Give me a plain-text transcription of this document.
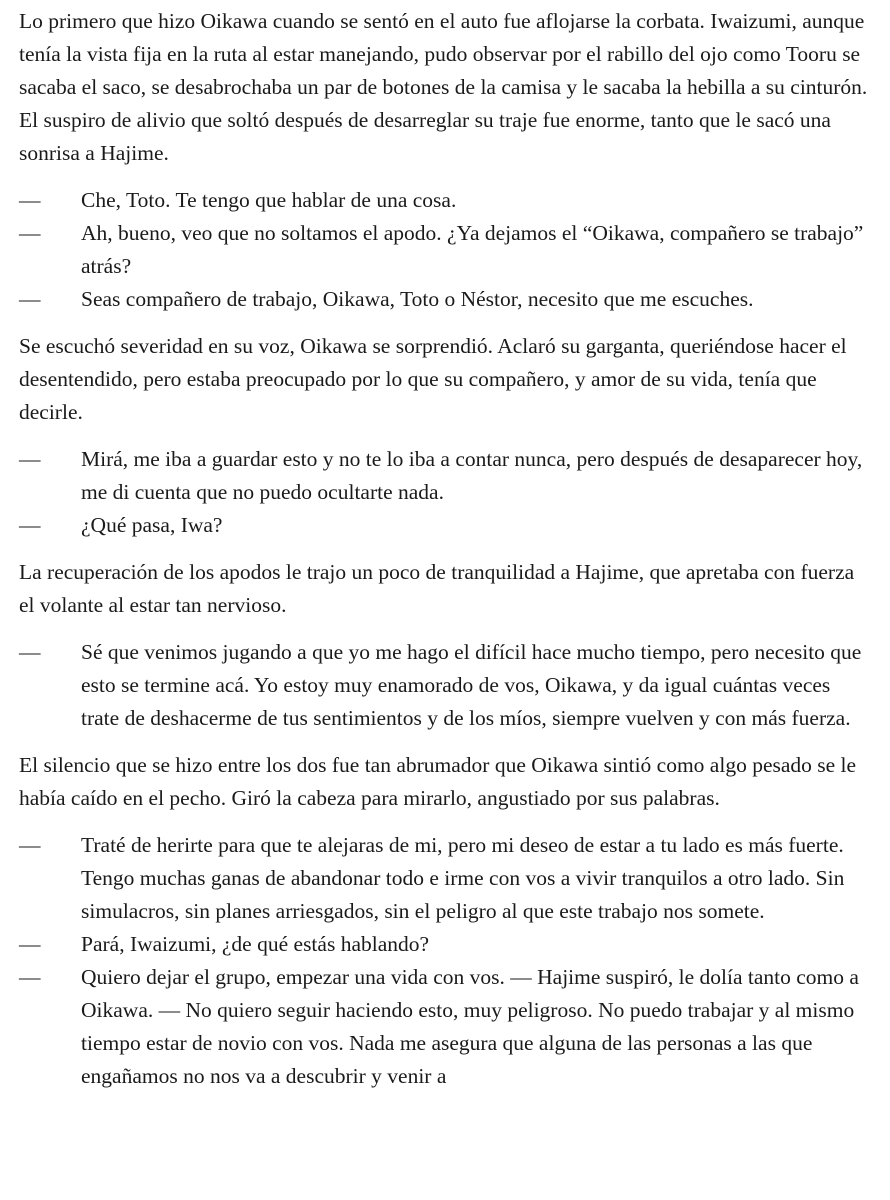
Lo primero que hizo Oikawa cuando se sentó en el auto fue aflojarse la corbata. Iwaizumi, aunque tenía la vista fija en la ruta al estar manejando, pudo observar por el rabillo del ojo como Tooru se sacaba el saco, se desabrochaba un par de botones de la camisa y le sacaba la hebilla a su cinturón. El suspiro de alivio que soltó después de desarreglar su traje fue enorme, tanto que le sacó una sonrisa a Hajime.

— Che, Toto. Te tengo que hablar de una cosa.

— Ah, bueno, veo que no soltamos el apodo. ¿Ya dejamos el “Oikawa, compañero se trabajo” atrás?

— Seas compañero de trabajo, Oikawa, Toto o Néstor, necesito que me escuches.

Se escuchó severidad en su voz, Oikawa se sorprendió. Aclaró su garganta, queriéndose hacer el desentendido, pero estaba preocupado por lo que su compañero, y amor de su vida, tenía que decirle.

— Mirá, me iba a guardar esto y no te lo iba a contar nunca, pero después de desaparecer hoy, me di cuenta que no puedo ocultarte nada.

— ¿Qué pasa, Iwa?

La recuperación de los apodos le trajo un poco de tranquilidad a Hajime, que apretaba con fuerza el volante al estar tan nervioso.

— Sé que venimos jugando a que yo me hago el difícil hace mucho tiempo, pero necesito que esto se termine acá. Yo estoy muy enamorado de vos, Oikawa, y da igual cuántas veces trate de deshacerme de tus sentimientos y de los míos, siempre vuelven y con más fuerza.

El silencio que se hizo entre los dos fue tan abrumador que Oikawa sintió como algo pesado se le había caído en el pecho. Giró la cabeza para mirarlo, angustiado por sus palabras.

— Traté de herirte para que te alejaras de mi, pero mi deseo de estar a tu lado es más fuerte. Tengo muchas ganas de abandonar todo e irme con vos a vivir tranquilos a otro lado. Sin simulacros, sin planes arriesgados, sin el peligro al que este trabajo nos somete.

— Pará, Iwaizumi, ¿de qué estás hablando?

— Quiero dejar el grupo, empezar una vida con vos. — Hajime suspiró, le dolía tanto como a Oikawa. — No quiero seguir haciendo esto, muy peligroso. No puedo trabajar y al mismo tiempo estar de novio con vos. Nada me asegura que alguna de las personas a las que engañamos no nos va a descubrir y venir a
